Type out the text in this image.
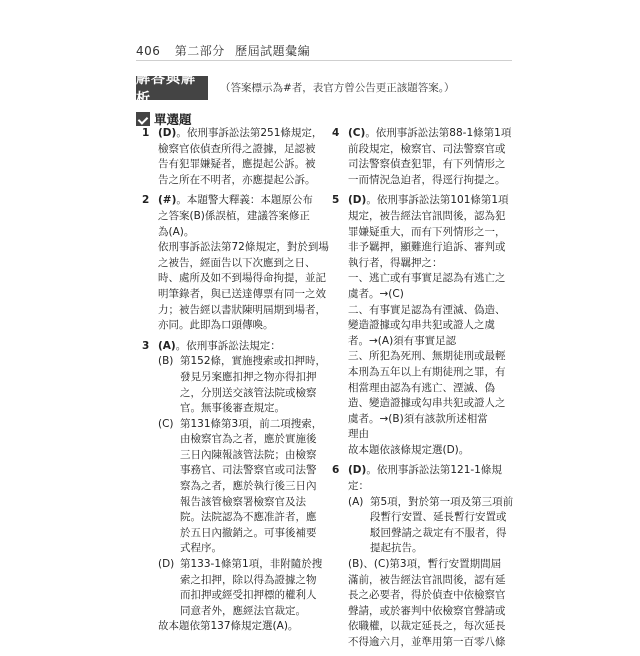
406 第二部分 歷屆試題彙編
解答與解析
（答案標示為#者，表官方曾公告更正該題答案。）
單選題
1 (D)。依刑事訴訟法第251條規定，
檢察官依偵查所得之證據，足認被
告有犯罪嫌疑者，應提起公訴。被
告之所在不明者，亦應提起公訴。
2 (#)。本題警大釋義：本題原公布
之答案(B)係誤植，建議答案修正
為(A)。
依刑事訴訟法第72條規定，對於到場
之被告，經面告以下次應到之日、
時、處所及如不到場得命拘提，並記
明筆錄者，與已送達傳票有同一之效
力；被告經以書狀陳明屆期到場者，
亦同。此即為口頭傳喚。
3 (A)。依刑事訴訟法規定：
(B) 第152條，實施搜索或扣押時，
發見另案應扣押之物亦得扣押
之，分別送交該管法院或檢察
官。無事後審查規定。
(C) 第131條第3項，前二項搜索，
由檢察官為之者，應於實施後
三日內陳報該管法院；由檢察
事務官、司法警察官或司法警
察為之者，應於執行後三日內
報告該管檢察署檢察官及法
院。法院認為不應准許者，應
於五日內撤銷之。可事後補要
式程序。
(D) 第133-1條第1項，非附隨於搜
索之扣押，除以得為證據之物
而扣押或經受扣押標的權利人
同意者外，應經法官裁定。
故本題依第137條規定選(A)。
4 (C)。依刑事訴訟法第88-1條第1項
前段規定，檢察官、司法警察官或
司法警察偵查犯罪，有下列情形之
一而情況急迫者，得逕行拘提之。
5 (D)。依刑事訴訟法第101條第1項
規定，被告經法官訊問後，認為犯
罪嫌疑重大，而有下列情形之一，
非予羈押，顯難進行追訴、審判或
執行者，得羈押之：
一、逃亡或有事實足認為有逃亡之
虞者。→(C)
二、有事實足認為有湮滅、偽造、
變造證據或勾串共犯或證人之虞
者。→(A)須有事實足認
三、所犯為死刑、無期徒刑或最輕
本刑為五年以上有期徒刑之罪，有
相當理由認為有逃亡、湮滅、偽
造、變造證據或勾串共犯或證人之
虞者。→(B)須有該款所述相當
理由
故本題依該條規定選(D)。
6 (D)。依刑事訴訟法第121-1條規
定：
(A) 第5項，對於第一項及第三項前
段暫行安置、延長暫行安置或
駁回聲請之裁定有不服者，得
提起抗告。
(B)、(C)第3項，暫行安置期間屆
滿前，被告經法官訊問後，認有延
長之必要者，得於偵查中依檢察官
聲請，或於審判中依檢察官聲請或
依職權，以裁定延長之，每次延長
不得逾六月，並準用第一百零八條
